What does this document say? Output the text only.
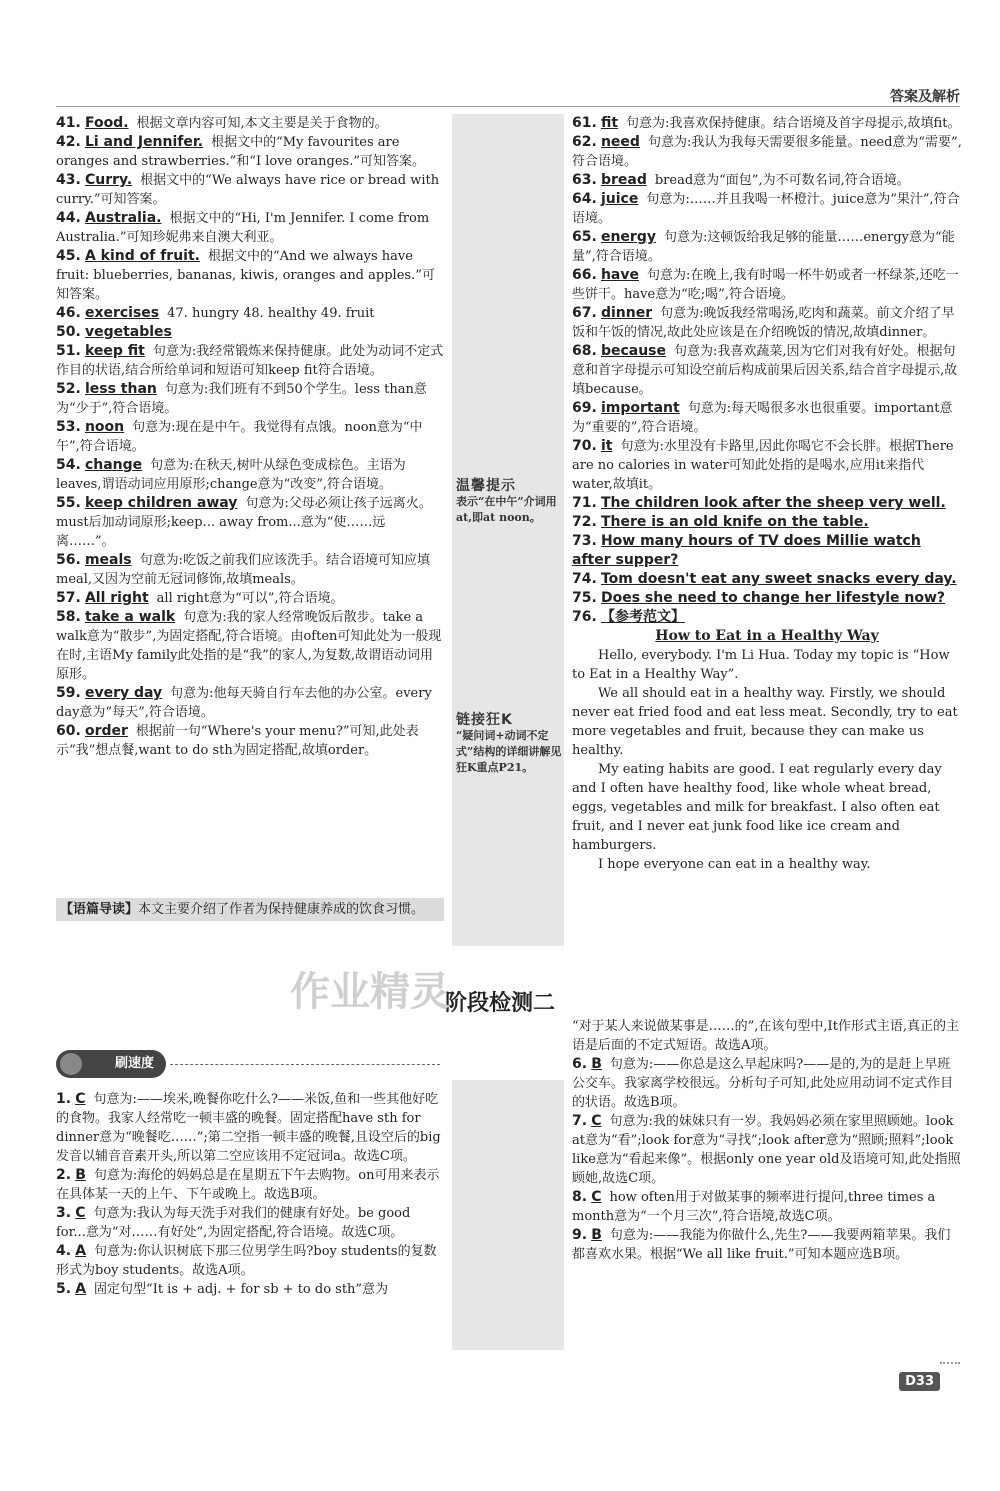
答案及解析
41. Food. 根据文章内容可知,本文主要是关于食物的。
42. Li and Jennifer. 根据文中的“My favourites are oranges and strawberries.”和“I love oranges.”可知答案。
43. Curry. 根据文中的“We always have rice or bread with curry.”可知答案。
44. Australia. 根据文中的“Hi, I'm Jennifer. I come from Australia.”可知珍妮弗来自澳大利亚。
45. A kind of fruit. 根据文中的“And we always have fruit: blueberries, bananas, kiwis, oranges and apples.”可知答案。
46. exercises 47. hungry 48. healthy 49. fruit
50. vegetables
51. keep fit 句意为:我经常锻炼来保持健康。此处为动词不定式作目的状语,结合所给单词和短语可知keep fit符合语境。
52. less than 句意为:我们班有不到50个学生。less than意为“少于”,符合语境。
53. noon 句意为:现在是中午。我觉得有点饿。noon意为“中午”,符合语境。
54. change 句意为:在秋天,树叶从绿色变成棕色。主语为leaves,谓语动词应用原形;change意为“改变”,符合语境。
55. keep children away 句意为:父母必须让孩子远离火。must后加动词原形;keep... away from...意为“使……远离……”。
56. meals 句意为:吃饭之前我们应该洗手。结合语境可知应填meal,又因为空前无冠词修饰,故填meals。
57. All right all right意为“可以”,符合语境。
58. take a walk 句意为:我的家人经常晚饭后散步。take a walk意为“散步”,为固定搭配,符合语境。由often可知此处为一般现在时,主语My family此处指的是“我”的家人,为复数,故谓语动词用原形。
59. every day 句意为:他每天骑自行车去他的办公室。every day意为“每天”,符合语境。
60. order 根据前一句“Where's your menu?”可知,此处表示“我”想点餐,want to do sth为固定搭配,故填order。
【语篇导读】本文主要介绍了作者为保持健康养成的饮食习惯。
温馨提示
表示“在中午”介词用at,即at noon。
链接狂K
“疑问词+动词不定式”结构的详细讲解见狂K重点P21。
61. fit 句意为:我喜欢保持健康。结合语境及首字母提示,故填fit。
62. need 句意为:我认为我每天需要很多能量。need意为“需要”,符合语境。
63. bread bread意为“面包”,为不可数名词,符合语境。
64. juice 句意为:……并且我喝一杯橙汁。juice意为“果汁”,符合语境。
65. energy 句意为:这顿饭给我足够的能量……energy意为“能量”,符合语境。
66. have 句意为:在晚上,我有时喝一杯牛奶或者一杯绿茶,还吃一些饼干。have意为“吃;喝”,符合语境。
67. dinner 句意为:晚饭我经常喝汤,吃肉和蔬菜。前文介绍了早饭和午饭的情况,故此处应该是在介绍晚饭的情况,故填dinner。
68. because 句意为:我喜欢蔬菜,因为它们对我有好处。根据句意和首字母提示可知设空前后构成前果后因关系,结合首字母提示,故填because。
69. important 句意为:每天喝很多水也很重要。important意为“重要的”,符合语境。
70. it 句意为:水里没有卡路里,因此你喝它不会长胖。根据There are no calories in water可知此处指的是喝水,应用it来指代water,故填it。
71. The children look after the sheep very well.
72. There is an old knife on the table.
73. How many hours of TV does Millie watch after supper?
74. Tom doesn't eat any sweet snacks every day.
75. Does she need to change her lifestyle now?
76. 【参考范文】
How to Eat in a Healthy Way

Hello, everybody. I'm Li Hua. Today my topic is “How to Eat in a Healthy Way”.

We all should eat in a healthy way. Firstly, we should never eat fried food and eat less meat. Secondly, try to eat more vegetables and fruit, because they can make us healthy.

My eating habits are good. I eat regularly every day and I often have healthy food, like whole wheat bread, eggs, vegetables and milk for breakfast. I also often eat fruit, and I never eat junk food like ice cream and hamburgers.

I hope everyone can eat in a healthy way.

阶段检测二
刷速度
1. C 句意为:——埃米,晚餐你吃什么?——米饭,鱼和一些其他好吃的食物。我家人经常吃一顿丰盛的晚餐。固定搭配have sth for dinner意为“晚餐吃……”;第二空指一顿丰盛的晚餐,且设空后的big发音以辅音音素开头,所以第二空应该用不定冠词a。故选C项。
2. B 句意为:海伦的妈妈总是在星期五下午去购物。on可用来表示在具体某一天的上午、下午或晚上。故选B项。
3. C 句意为:我认为每天洗手对我们的健康有好处。be good for...意为“对……有好处”,为固定搭配,符合语境。故选C项。
4. A 句意为:你认识树底下那三位男学生吗?boy students的复数形式为boy students。故选A项。
5. A 固定句型“It is + adj. + for sb + to do sth”意为
“对于某人来说做某事是……的”,在该句型中,It作形式主语,真正的主语是后面的不定式短语。故选A项。
6. B 句意为:——你总是这么早起床吗?——是的,为的是赶上早班公交车。我家离学校很远。分析句子可知,此处应用动词不定式作目的状语。故选B项。
7. C 句意为:我的妹妹只有一岁。我妈妈必须在家里照顾她。look at意为“看”;look for意为“寻找”;look after意为“照顾;照料”;look like意为“看起来像”。根据only one year old及语境可知,此处指照顾她,故选C项。
8. C how often用于对做某事的频率进行提问,three times a month意为“一个月三次”,符合语境,故选C项。
9. B 句意为:——我能为你做什么,先生?——我要两箱苹果。我们都喜欢水果。根据“We all like fruit.”可知本题应选B项。
D33
作业精灵
